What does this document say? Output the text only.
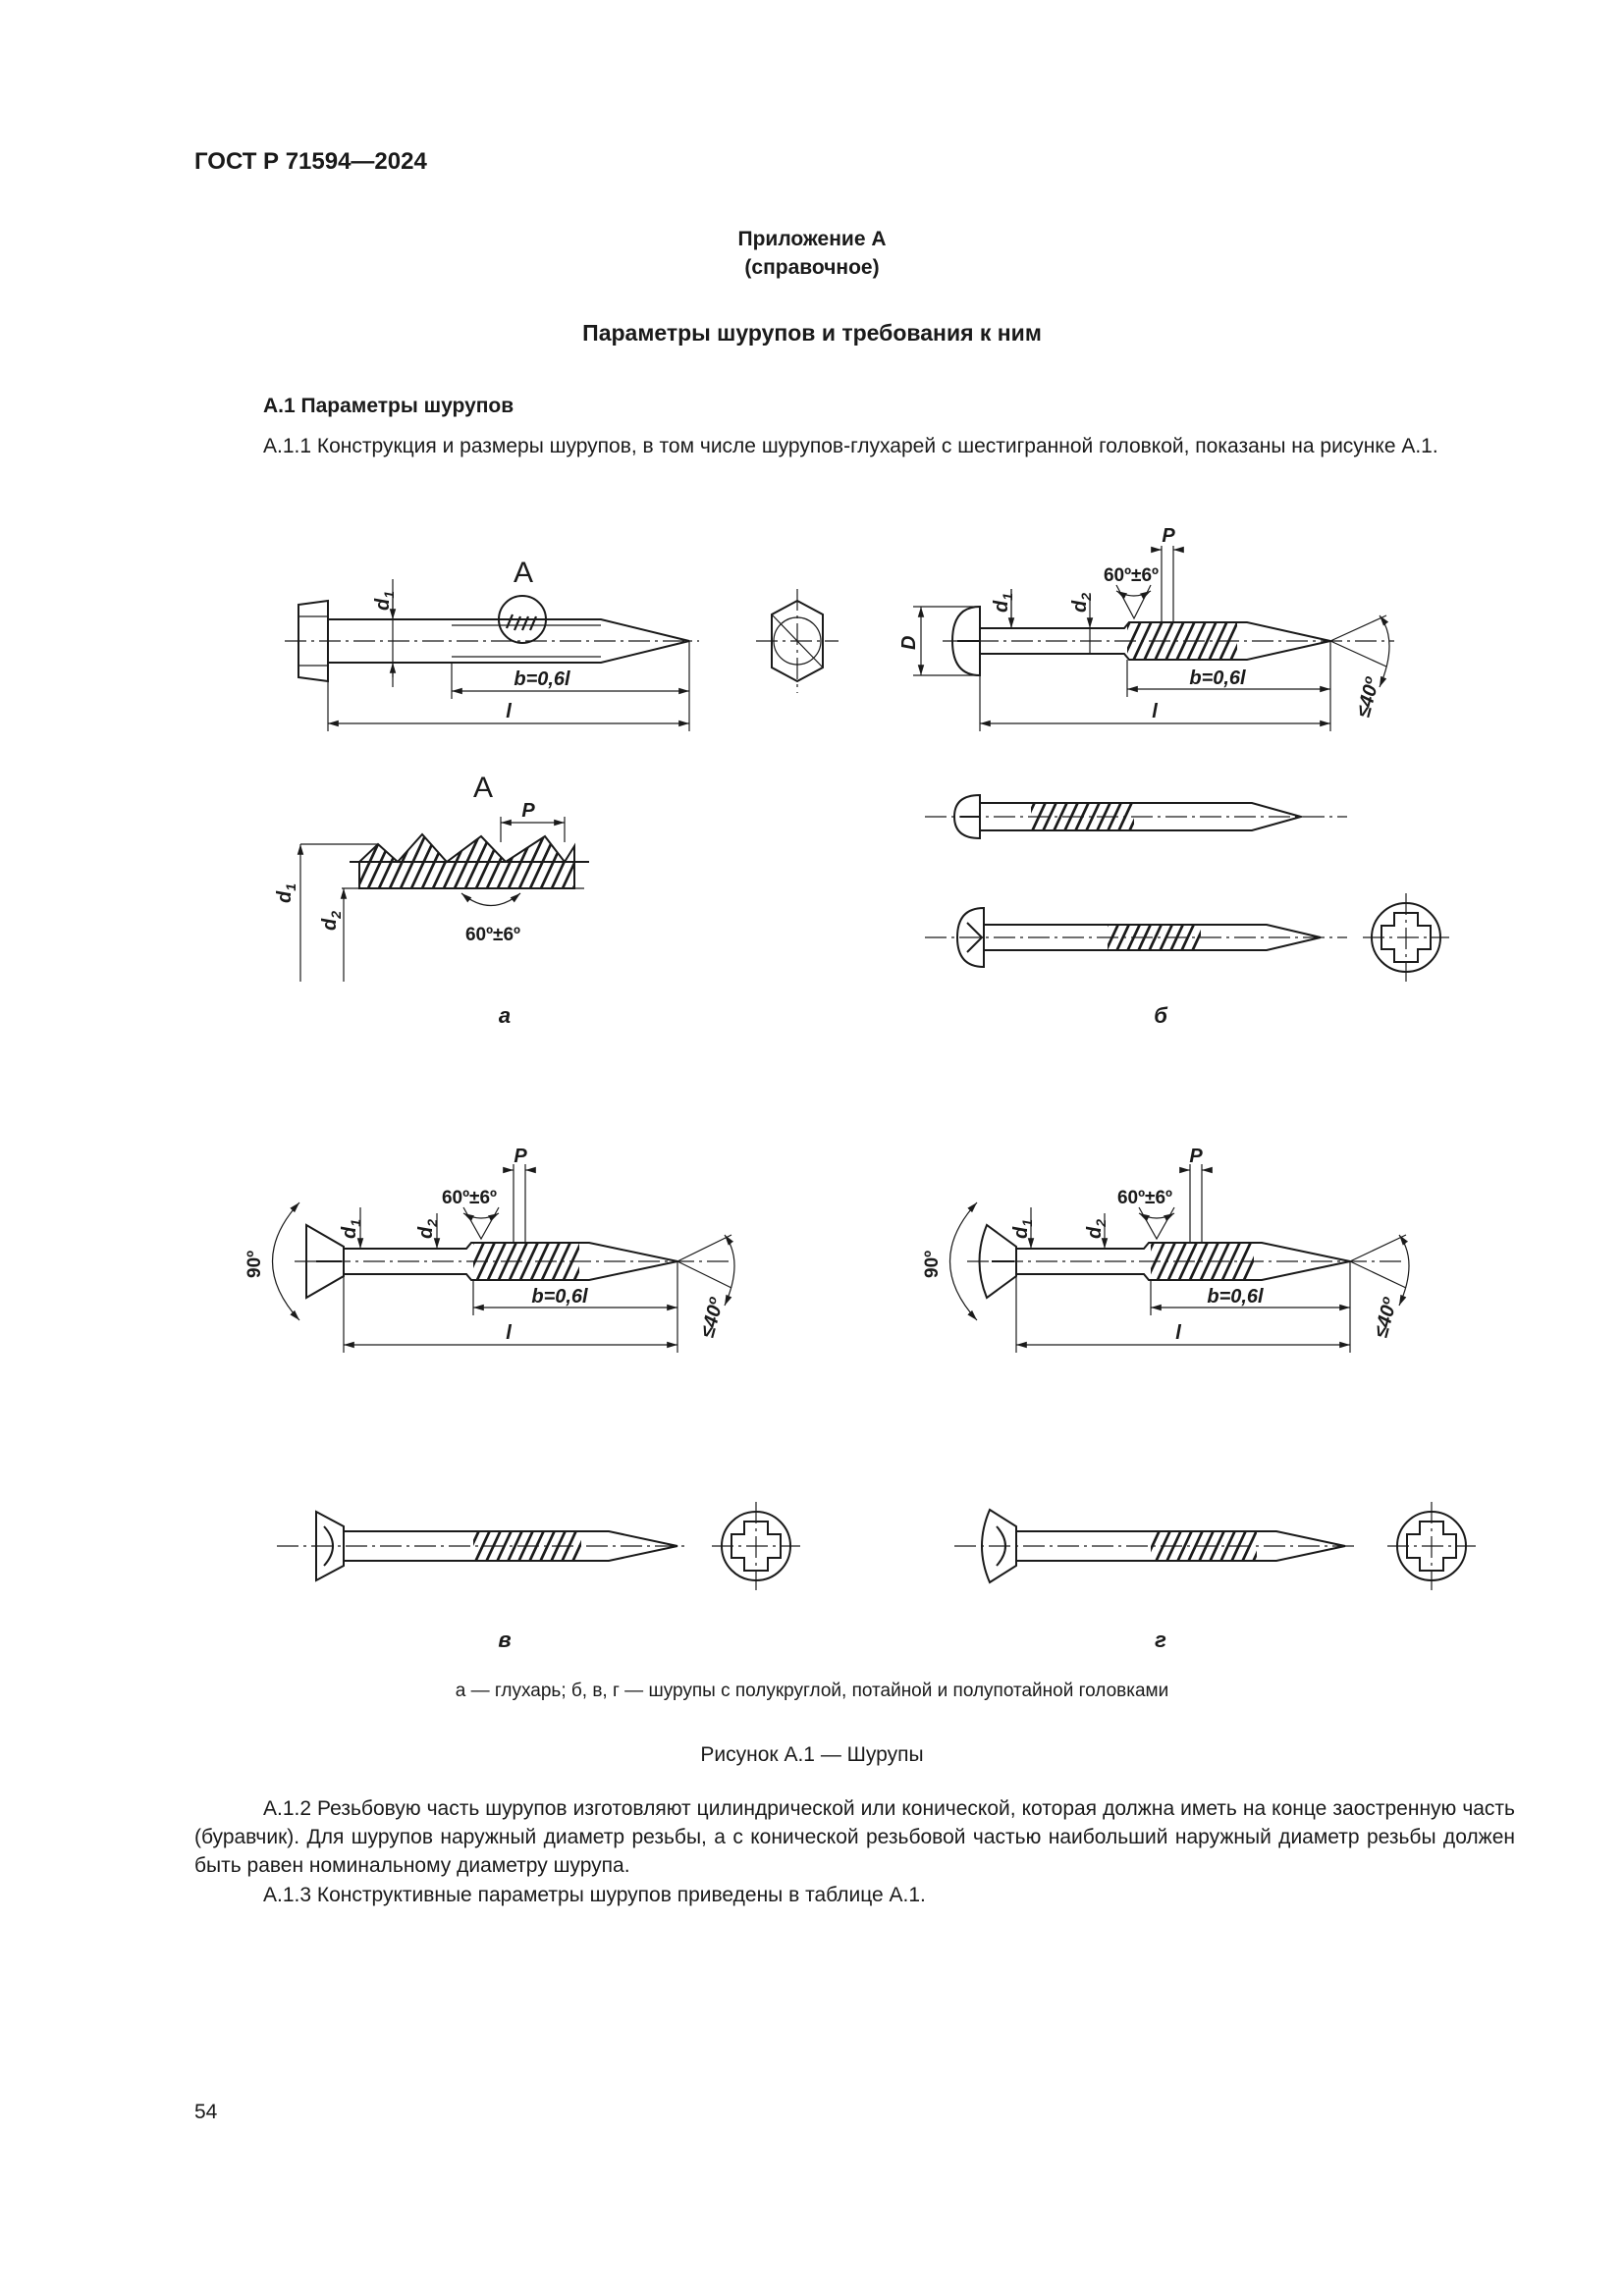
ГОСТ Р 71594—2024
Приложение А
(справочное)
Параметры шурупов и требования к ним
А.1 Параметры шурупов
А.1.1 Конструкция и размеры шурупов, в том числе шурупов-глухарей с шестигранной головкой, показаны на рисунке А.1.
$d_1$
А
b=0,6l
l
А
$d_1$
$d_2$
P
60º±6º
D
$d_1$
$d_2$
P
60º±6º
b=0,6l
l	≤40º
90º
$d_1$
$d_2$
P
60º±6º
b=0,6l
l	≤40º
90º
$d_1$
$d_2$
P
60º±6º
b=0,6l
l	≤40º
а	б
в	г
а — глухарь; б, в, г — шурупы с полукруглой, потайной и полупотайной головками
Рисунок А.1 — Шурупы
А.1.2 Резьбовую часть шурупов изготовляют цилиндрической или конической, которая должна иметь на конце заостренную часть (буравчик). Для шурупов наружный диаметр резьбы, а с конической резьбовой частью наибольший наружный диаметр резьбы должен быть равен номинальному диаметру шурупа.
А.1.3 Конструктивные параметры шурупов приведены в таблице А.1.
54
